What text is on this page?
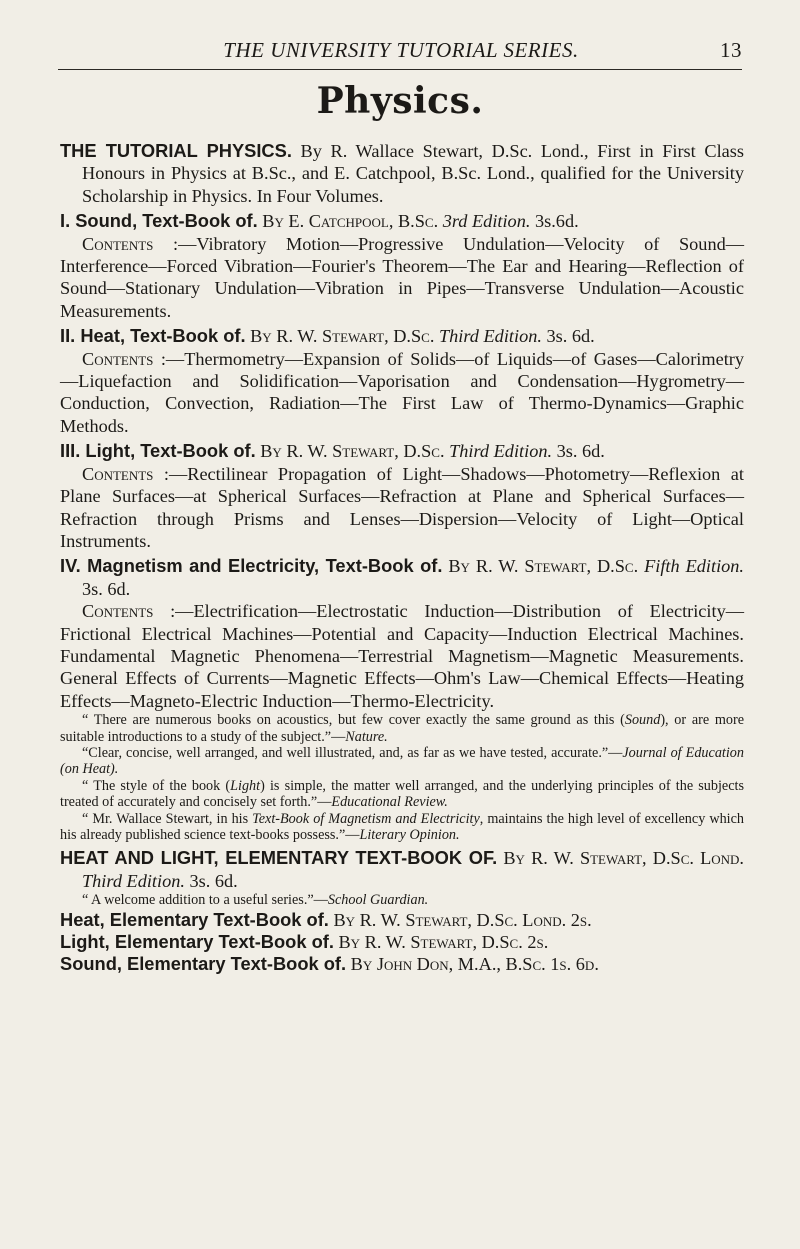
THE UNIVERSITY TUTORIAL SERIES.	13
Physics.

THE TUTORIAL PHYSICS. By R. Wallace Stewart, D.Sc. Lond., First in First Class Honours in Physics at B.Sc., and E. Catchpool, B.Sc. Lond., qualified for the University Scholarship in Physics. In Four Volumes.

I. Sound, Text-Book of. By E. Catchpool, B.Sc. 3rd Edition. 3s.6d.

Contents :—Vibratory Motion—Progressive Undulation—Velocity of Sound—Interference—Forced Vibration—Fourier's Theorem—The Ear and Hearing—Reflection of Sound—Stationary Undulation—Vibration in Pipes—Transverse Undulation—Acoustic Measurements.

II. Heat, Text-Book of. By R. W. Stewart, D.Sc. Third Edition. 3s. 6d.

Contents :—Thermometry—Expansion of Solids—of Liquids—of Gases—Calorimetry—Liquefaction and Solidification—Vaporisation and Condensation—Hygrometry—Conduction, Convection, Radiation—The First Law of Thermo-Dynamics—Graphic Methods.

III. Light, Text-Book of. By R. W. Stewart, D.Sc. Third Edition. 3s. 6d.

Contents :—Rectilinear Propagation of Light—Shadows—Photometry—Reflexion at Plane Surfaces—at Spherical Surfaces—Refraction at Plane and Spherical Surfaces—Refraction through Prisms and Lenses—Dispersion—Velocity of Light—Optical Instruments.

IV. Magnetism and Electricity, Text-Book of. By R. W. Stewart, D.Sc. Fifth Edition. 3s. 6d.

Contents :—Electrification—Electrostatic Induction—Distribution of Electricity—Frictional Electrical Machines—Potential and Capacity—Induction Electrical Machines. Fundamental Magnetic Phenomena—Terrestrial Magnetism—Magnetic Measurements. General Effects of Currents—Magnetic Effects—Ohm's Law—Chemical Effects—Heating Effects—Magneto-Electric Induction—Thermo-Electricity.

“ There are numerous books on acoustics, but few cover exactly the same ground as this (Sound), or are more suitable introductions to a study of the subject.”—Nature.

“Clear, concise, well arranged, and well illustrated, and, as far as we have tested, accurate.”—Journal of Education (on Heat).

“ The style of the book (Light) is simple, the matter well arranged, and the underlying principles of the subjects treated of accurately and concisely set forth.”—Educational Review.

“ Mr. Wallace Stewart, in his Text-Book of Magnetism and Electricity, maintains the high level of excellency which his already published science text-books possess.”—Literary Opinion.

HEAT AND LIGHT, ELEMENTARY TEXT-BOOK OF. By R. W. Stewart, D.Sc. Lond. Third Edition. 3s. 6d.

“ A welcome addition to a useful series.”—School Guardian.

Heat, Elementary Text-Book of. By R. W. Stewart, D.Sc. Lond. 2s.

Light, Elementary Text-Book of. By R. W. Stewart, D.Sc. 2s.

Sound, Elementary Text-Book of. By John Don, M.A., B.Sc. 1s. 6d.
